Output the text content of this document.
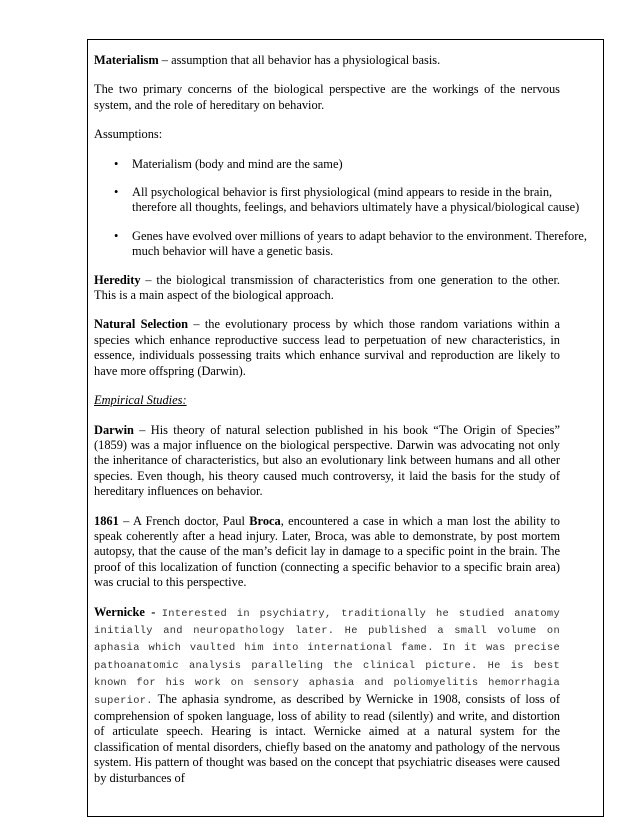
Materialism – assumption that all behavior has a physiological basis.

The two primary concerns of the biological perspective are the workings of the nervous system, and the role of hereditary on behavior.

Assumptions:

• Materialism (body and mind are the same)
• All psychological behavior is first physiological (mind appears to reside in the brain, therefore all thoughts, feelings, and behaviors ultimately have a physical/biological cause)
• Genes have evolved over millions of years to adapt behavior to the environment. Therefore, much behavior will have a genetic basis.

Heredity – the biological transmission of characteristics from one generation to the other. This is a main aspect of the biological approach.

Natural Selection – the evolutionary process by which those random variations within a species which enhance reproductive success lead to perpetuation of new characteristics, in essence, individuals possessing traits which enhance survival and reproduction are likely to have more offspring (Darwin).

Empirical Studies:

Darwin – His theory of natural selection published in his book “The Origin of Species” (1859) was a major influence on the biological perspective. Darwin was advocating not only the inheritance of characteristics, but also an evolutionary link between humans and all other species. Even though, his theory caused much controversy, it laid the basis for the study of hereditary influences on behavior.

1861 – A French doctor, Paul Broca, encountered a case in which a man lost the ability to speak coherently after a head injury. Later, Broca, was able to demonstrate, by post mortem autopsy, that the cause of the man’s deficit lay in damage to a specific point in the brain. The proof of this localization of function (connecting a specific behavior to a specific brain area) was crucial to this perspective.

Wernicke - Interested in psychiatry, traditionally he studied anatomy initially and neuropathology later. He published a small volume on aphasia which vaulted him into international fame. In it was precise pathoanatomic analysis paralleling the clinical picture. He is best known for his work on sensory aphasia and poliomyelitis hemorrhagia superior. The aphasia syndrome, as described by Wernicke in 1908, consists of loss of comprehension of spoken language, loss of ability to read (silently) and write, and distortion of articulate speech. Hearing is intact. Wernicke aimed at a natural system for the classification of mental disorders, chiefly based on the anatomy and pathology of the nervous system. His pattern of thought was based on the concept that psychiatric diseases were caused by disturbances of
